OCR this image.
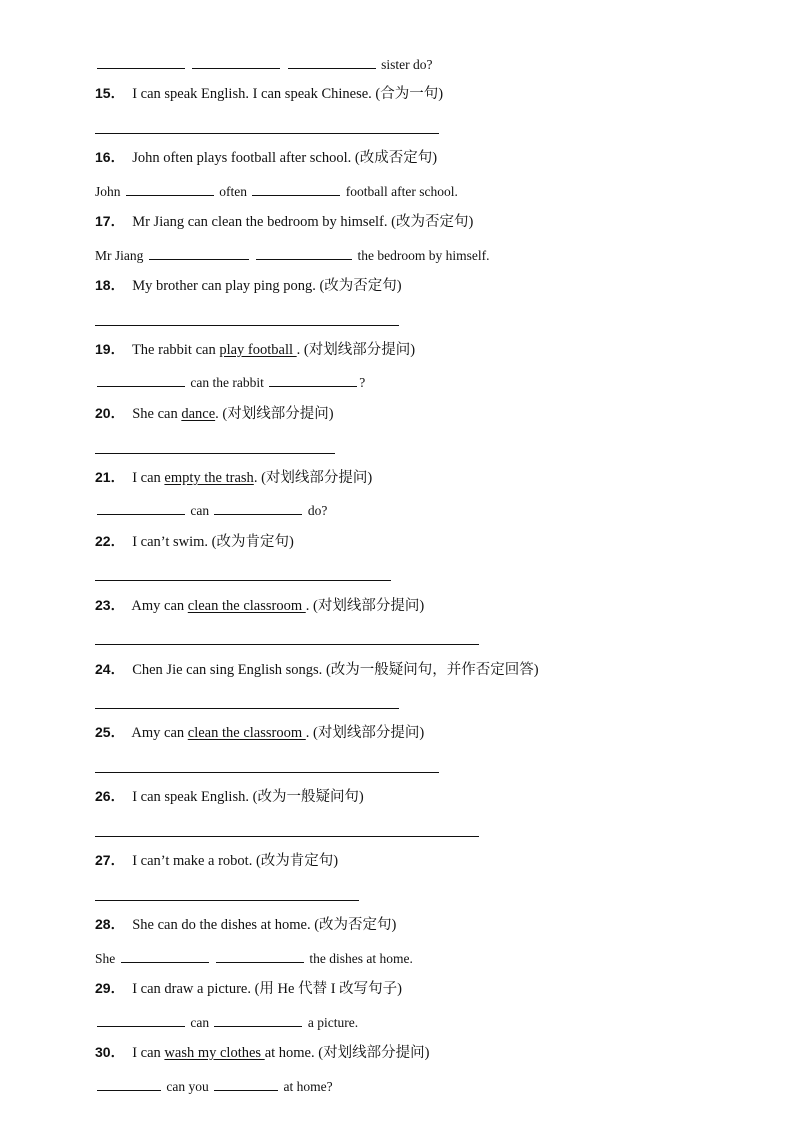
sister do?
15． I can speak English. I can speak Chinese. (合为一句)
16． John often plays football after school. (改成否定句)
John	often	football after school.
17． Mr Jiang can clean the bedroom by himself. (改为否定句)
Mr Jiang	the bedroom by himself.
18． My brother can play ping pong. (改为否定句)
19． The rabbit can play football . (对划线部分提问)
can the rabbit	?
20． She can dance. (对划线部分提问)
21． I can empty the trash. (对划线部分提问)
can	do?
22． I can’t swim. (改为肯定句)
23． Amy can clean the classroom . (对划线部分提问)
24． Chen Jie can sing English songs. (改为一般疑问句，并作否定回答)
25． Amy can clean the classroom . (对划线部分提问)
26． I can speak English. (改为一般疑问句)
27． I can’t make a robot. (改为肯定句)
28． She can do the dishes at home. (改为否定句)
She	the dishes at home.
29． I can draw a picture. (用 He 代替 I 改写句子)
can	a picture.
30． I can wash my clothes at home. (对划线部分提问)
can you	at home?
